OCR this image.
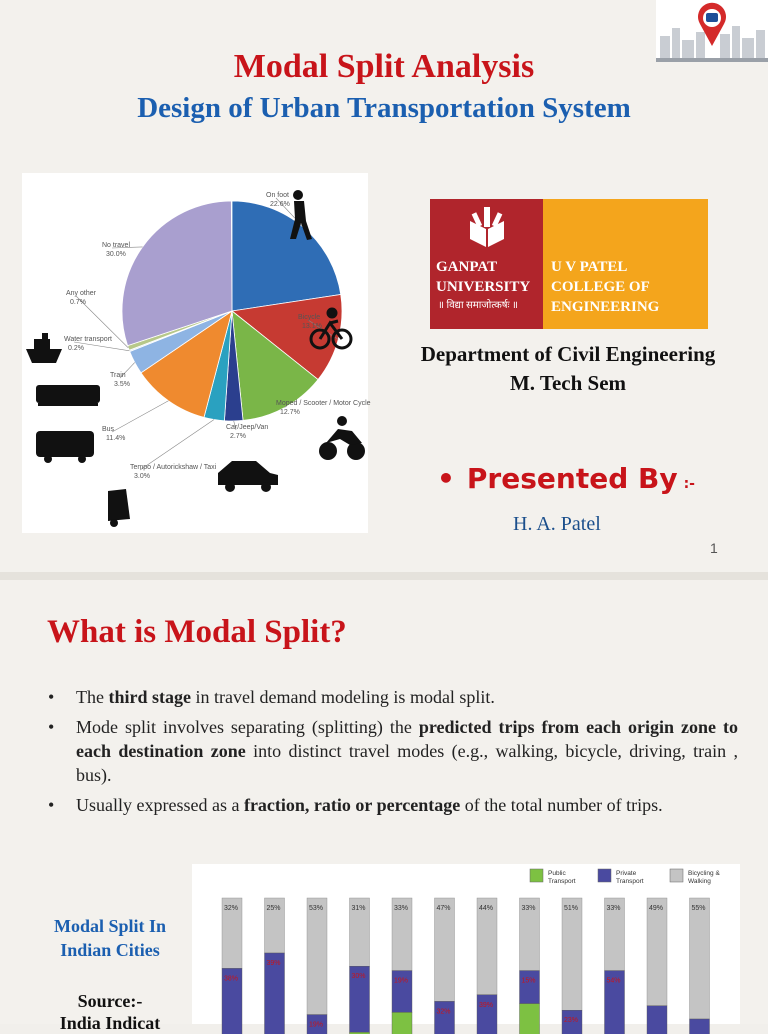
Modal Split Analysis
Design of Urban Transportation System
On foot
22.6%
Bicycle
13.1%
Moped / Scooter / Motor Cycle
12.7%
Car/Jeep/Van
2.7%
Tempo / Autorickshaw / Taxi
3.0%
Bus
11.4%
Train
3.5%
Water transport
0.2%
Any other
0.7%
No travel
30.0%
GANPAT
UNIVERSITY
॥ विद्या समाजोत्कर्षः ॥
U V PATEL
COLLEGE OF
ENGINEERING
Department of Civil Engineering
M. Tech Sem
• Presented By :-
H. A. Patel
1
What is Modal Split?
• The third stage in travel demand modeling is modal split.
• Mode split involves separating (splitting) the predicted trips from each origin zone to each destination zone into distinct travel modes (e.g., walking, bicycle, driving, train , bus).
• Usually expressed as a fraction, ratio or percentage of the total number of trips.
Modal Split In Indian Cities
Source:-
India Indicat
Public
Transport
Private
Transport
Bicycling &
Walking
32%
38%
25%
39%
53%
19%
31%
30%
33%
19%
47%
32%
44%
39%
33%
15%
51%
23%
33%
54%
49%	55%
